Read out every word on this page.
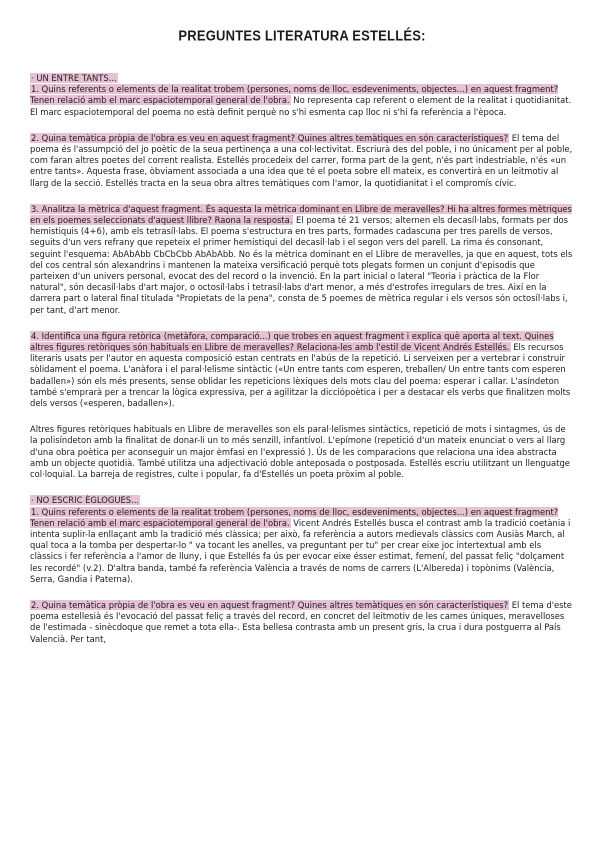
PREGUNTES LITERATURA ESTELLÉS:

· UN ENTRE TANTS...

1. Quins referents o elements de la realitat trobem (persones, noms de lloc, esdeveniments, objectes...) en aquest fragment? Tenen relació amb el marc espaciotemporal general de l'obra. No representa cap referent o element de la realitat i quotidianitat. El marc espaciotemporal del poema no està definit perquè no s'hi esmenta cap lloc ni s'hi fa referència a l'època.

2. Quina temàtica pròpia de l'obra es veu en aquest fragment? Quines altres temàtiques en són característiques? El tema del poema és l'assumpció del jo poètic de la seua pertinença a una col·lectivitat. Escriurà des del poble, i no únicament per al poble, com faran altres poetes del corrent realista. Estellés procedeix del carrer, forma part de la gent, n'és part indestriable, n'és «un entre tants». Aquesta frase, òbviament associada a una idea que té el poeta sobre ell mateix, es convertirà en un leitmotiv al llarg de la secció. Estellés tracta en la seua obra altres temàtiques com l'amor, la quotidianitat i el compromís cívic.

3. Analitza la mètrica d'aquest fragment. És aquesta la mètrica dominant en Llibre de meravelles? Hi ha altres formes mètriques en els poemes seleccionats d'aquest llibre? Raona la resposta. El poema té 21 versos; alternen els decasíl·labs, formats per dos hemistiquis (4+6), amb els tetrasíl·labs. El poema s'estructura en tres parts, formades cadascuna per tres parells de versos, seguits d'un vers refrany que repeteix el primer hemistiqui del decasíl·lab i el segon vers del parell. La rima és consonant, seguint l'esquema: AbAbAbb CbCbCbb AbAbAbb. No és la mètrica dominant en el Llibre de meravelles, ja que en aquest, tots els del cos central són alexandrins i mantenen la mateixa versificació perquè tots plegats formen un conjunt d'episodis que parteixen d'un univers personal, evocat des del record o la invenció. En la part inicial o lateral "Teoria i pràctica de la Flor natural", són decasíl·labs d'art major, o octosíl·labs i tetrasíl·labs d'art menor, a més d'estrofes irregulars de tres. Així en la darrera part o lateral final titulada "Propietats de la pena", consta de 5 poemes de mètrica regular i els versos són octosíl·labs i, per tant, d'art menor.

4. Identifica una figura retòrica (metàfora, comparació...) que trobes en aquest fragment i explica què aporta al text. Quines altres figures retòriques són habituals en Llibre de meravelles? Relaciona-les amb l'estil de Vicent Andrés Estellés. Els recursos literaris usats per l'autor en aquesta composició estan centrats en l'abús de la repetició. Li serveixen per a vertebrar i construir sòlidament el poema. L'anàfora i el paral·lelisme sintàctic («Un entre tants com esperen, treballen/ Un entre tants com esperen badallen») són els més presents, sense oblidar les repeticions lèxiques dels mots clau del poema: esperar i callar. L'asíndeton també s'emprarà per a trencar la lògica expressiva, per a agilitzar la dicciópoètica i per a destacar els verbs que finalitzen molts dels versos («esperen, badallen»).

Altres figures retòriques habituals en Llibre de meravelles son els paral·lelismes sintàctics, repetició de mots i sintagmes, ús de la polisíndeton amb la finalitat de donar-li un to més senzill, infantívol. L'epímone (repetició d'un mateix enunciat o vers al llarg d'una obra poètica per aconseguir un major èmfasi en l'expressió ). Ús de les comparacions que relaciona una idea abstracta amb un objecte quotidià. També utilitza una adjectivació doble anteposada o postposada. Estellés escriu utilitzant un llenguatge col·loquial. La barreja de registres, culte i popular, fa d'Estellés un poeta pròxim al poble.

· NO ESCRIC ÈGLOGUES...

1. Quins referents o elements de la realitat trobem (persones, noms de lloc, esdeveniments, objectes...) en aquest fragment? Tenen relació amb el marc espaciotemporal general de l'obra. Vicent Andrés Estellés busca el contrast amb la tradició coetània i intenta suplir-la enllaçant amb la tradició més clàssica; per això, fa referència a autors medievals clàssics com Ausiàs March, al qual toca a la tomba per despertar-lo " va tocant les anelles, va preguntant per tu" per crear eixe joc intertextual amb els clàssics i fer referència a l'amor de lluny, i que Estellés fa ús per evocar eixe ésser estimat, femení, del passat feliç "dolçament les recordé" (v.2). D'altra banda, també fa referència València a través de noms de carrers (L'Albereda) i topònims (València, Serra, Gandia i Paterna).

2. Quina temàtica pròpia de l'obra es veu en aquest fragment? Quines altres temàtiques en són característiques? El tema d'este poema estellesià és l'evocació del passat feliç a través del record, en concret del leitmotiv de les cames úniques, meravelloses de l'estimada - sinècdoque que remet a tota ella-. Esta bellesa contrasta amb un present gris, la crua i dura postguerra al País Valencià. Per tant,
